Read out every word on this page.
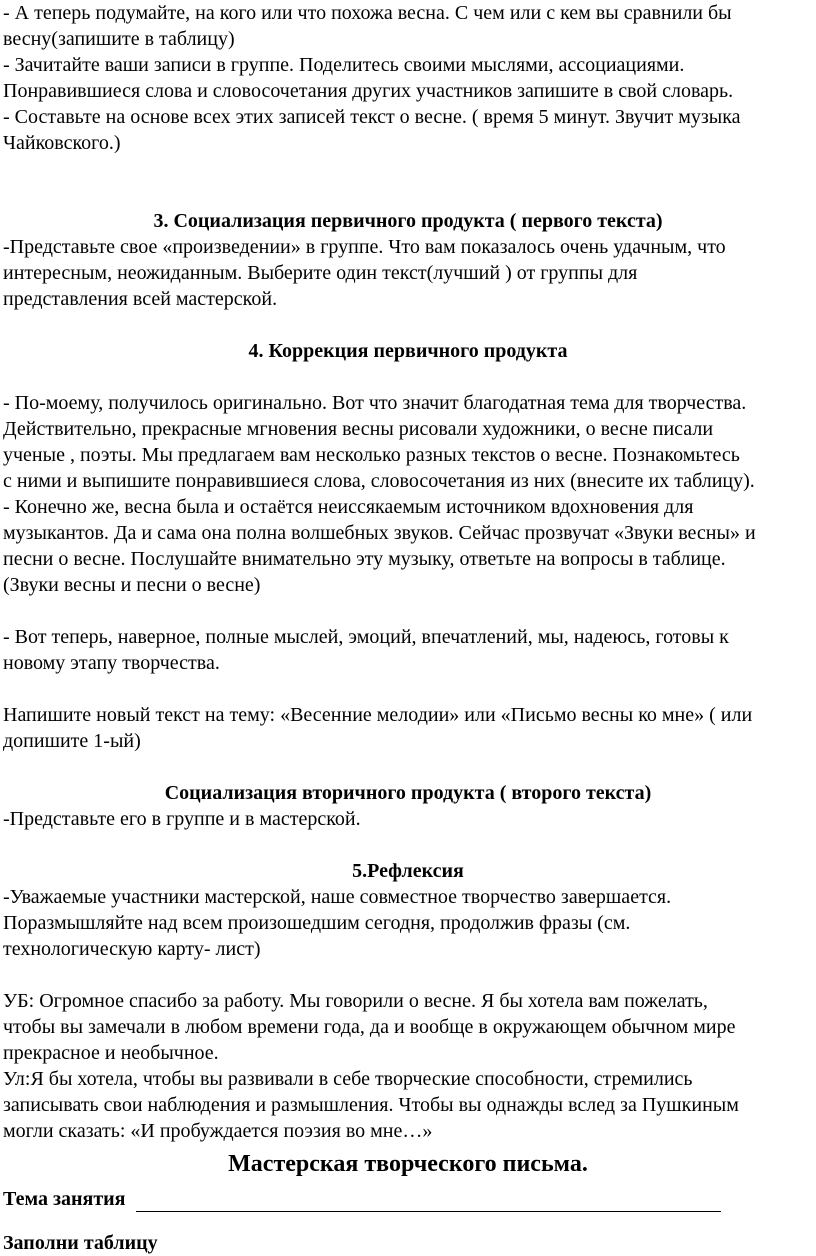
- А теперь подумайте, на кого или что похожа весна. С чем или с кем вы сравнили бы

весну(запишите в таблицу)

- Зачитайте ваши записи в группе. Поделитесь своими мыслями, ассоциациями.

Понравившиеся слова и словосочетания других участников запишите в свой словарь.

- Составьте на основе всех этих записей текст о весне. ( время 5 минут. Звучит музыка

Чайковского.)

3. Социализация первичного продукта ( первого текста)

-Представьте свое «произведении» в группе. Что вам показалось очень удачным, что

интересным, неожиданным. Выберите один текст(лучший ) от группы для

представления всей мастерской.

4. Коррекция первичного продукта

- По-моему, получилось оригинально. Вот что значит благодатная тема для творчества.

Действительно, прекрасные мгновения весны рисовали художники, о весне писали

ученые , поэты. Мы предлагаем вам несколько разных текстов о весне. Познакомьтесь

с ними и выпишите понравившиеся слова, словосочетания из них (внесите их таблицу).

- Конечно же, весна была и остаётся неиссякаемым источником вдохновения для

музыкантов. Да и сама она полна волшебных звуков. Сейчас прозвучат «Звуки весны» и

песни о весне. Послушайте внимательно эту музыку, ответьте на вопросы в таблице.

(Звуки весны и песни о весне)

- Вот теперь, наверное, полные мыслей, эмоций, впечатлений, мы, надеюсь, готовы к

новому этапу творчества.

Напишите новый текст на тему: «Весенние мелодии» или «Письмо весны ко мне» ( или

допишите 1-ый)

Социализация вторичного продукта ( второго текста)

-Представьте его в группе и в мастерской.

5.Рефлексия

-Уважаемые участники мастерской, наше совместное творчество завершается.

Поразмышляйте над всем произошедшим сегодня, продолжив фразы (см.

технологическую карту- лист)

УБ: Огромное спасибо за работу. Мы говорили о весне. Я бы хотела вам пожелать,

чтобы вы замечали в любом времени года, да и вообще в окружающем обычном мире

прекрасное и необычное.

Ул:Я бы хотела, чтобы вы развивали в себе творческие способности, стремились

записывать свои наблюдения и размышления. Чтобы вы однажды вслед за Пушкиным

могли сказать: «И пробуждается поэзия во мне…»

Мастерская творческого письма.

Тема занятия

Заполни таблицу
